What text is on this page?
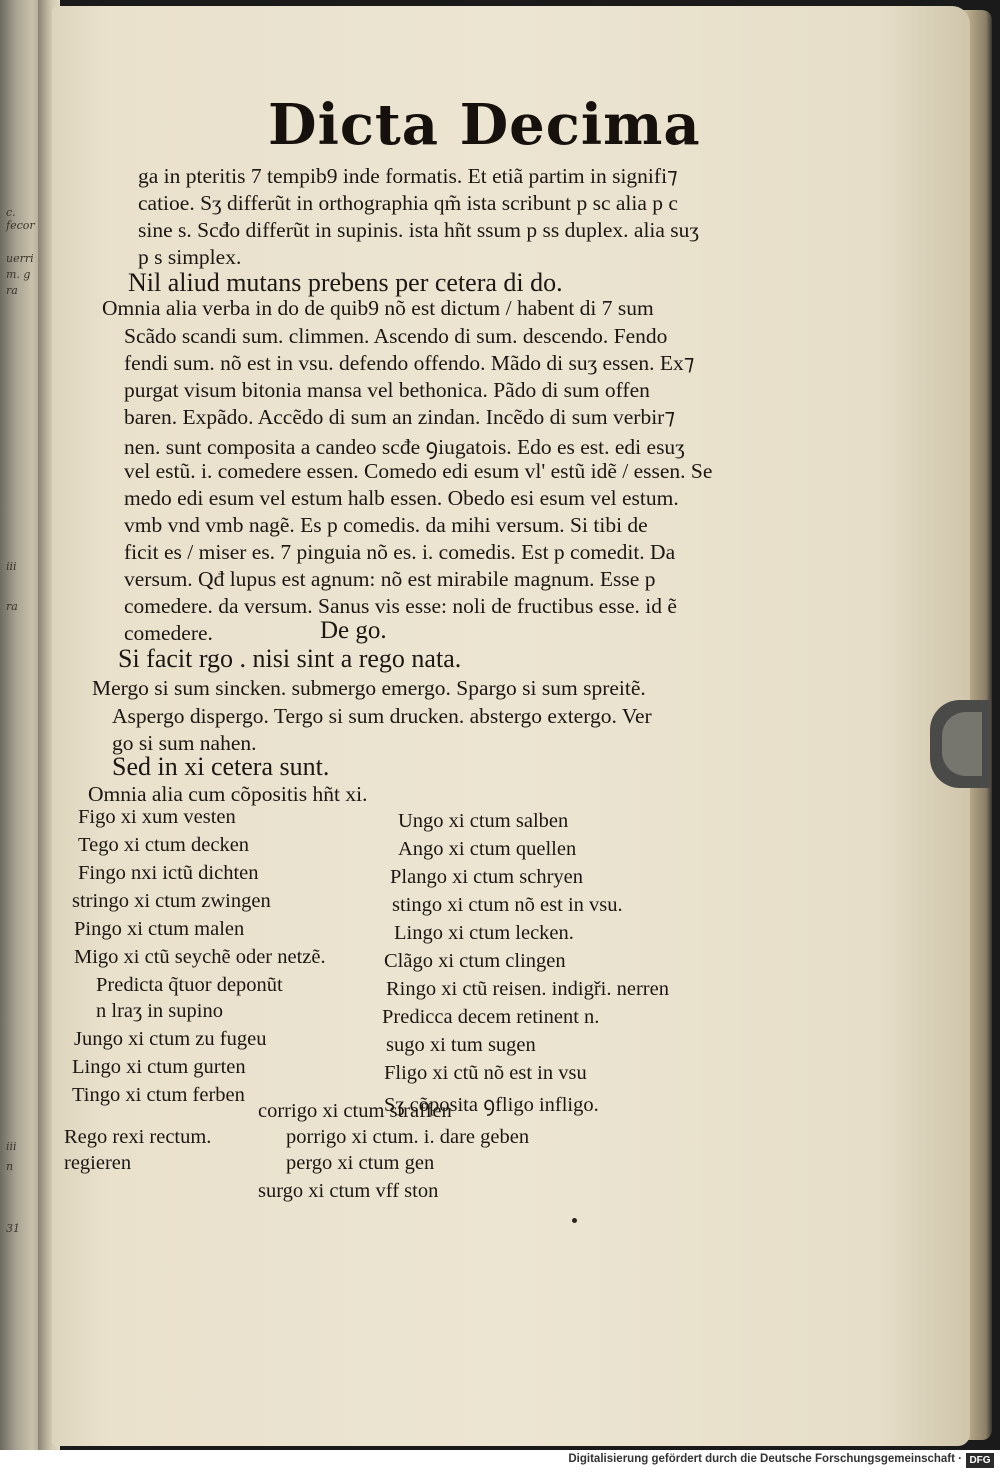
c. fecor
uerri
m. g
ra
iii
ra
iii
n
31
Dicta Decima
ga in pteritis 7 tempib9 inde formatis. Et etiã partim in signifi⁊
catioe. Sʒ differũt in orthographia qm̃ ista scribunt p sc alia p c
sine s. Scđo differũt in supinis. ista hñt ssum p ss duplex. alia suʒ
p s simplex.
Nil aliud mutans prebens per cetera di do.
Omnia alia verba in do de quib9 nõ est dictum / habent di 7 sum
Scãdo scandi sum. climmen. Ascendo di sum. descendo. Fendo
fendi sum. nõ est in vsu. defendo offendo. Mãdo di suʒ essen. Ex⁊
purgat visum bitonia mansa vel bethonica. Pãdo di sum offen
baren. Expãdo. Accẽdo di sum an zindan. Incẽdo di sum verbir⁊
nen. sunt composita a candeo scđe ꝯiugatois. Edo es est. edi esuʒ
vel estũ. i. comedere essen. Comedo edi esum vl' estũ idẽ / essen. Se
medo edi esum vel estum halb essen. Obedo esi esum vel estum.
vmb vnd vmb nagẽ. Es p comedis. da mihi versum. Si tibi de
ficit es / miser es. 7 pinguia nõ es. i. comedis. Est p comedit. Da
versum. Qđ lupus est agnum: nõ est mirabile magnum. Esse p
comedere. da versum. Sanus vis esse: noli de fructibus esse. id ẽ
comedere.	De go.
Si facit rgo . nisi sint a rego nata.
Mergo si sum sincken. submergo emergo. Spargo si sum spreitẽ.
Aspergo dispergo. Tergo si sum drucken. abstergo extergo. Ver
go si sum nahen.
Sed in xi cetera sunt.
Omnia alia cum cõpositis hñt xi.
Figo xi xum vesten
Tego xi ctum decken
Fingo nxi ictũ dichten
stringo xi ctum zwingen
Pingo xi ctum malen
Migo xi ctũ seychẽ oder netzẽ.
Predicta q̃tuor deponũt
n lraʒ in supino
Jungo xi ctum zu fugeu
Lingo xi ctum gurten
Tingo xi ctum ferben
Ungo xi ctum salben
Ango xi ctum quellen
Plango xi ctum schryen
stingo xi ctum nõ est in vsu.
Lingo xi ctum lecken.
Clãgo xi ctum clingen
Ringo xi ctũ reisen. indigři. nerren
Predicca decem retinent n.
sugo xi tum sugen
Fligo xi ctũ nõ est in vsu
Sʒ cõposita ꝯfligo infligo.
Rego rexi rectum.
regieren
corrigo xi ctum straffen
porrigo xi ctum. i. dare geben
pergo xi ctum gen
surgo xi ctum vff ston
Digitalisierung gefördert durch die Deutsche Forschungsgemeinschaft · DFG
